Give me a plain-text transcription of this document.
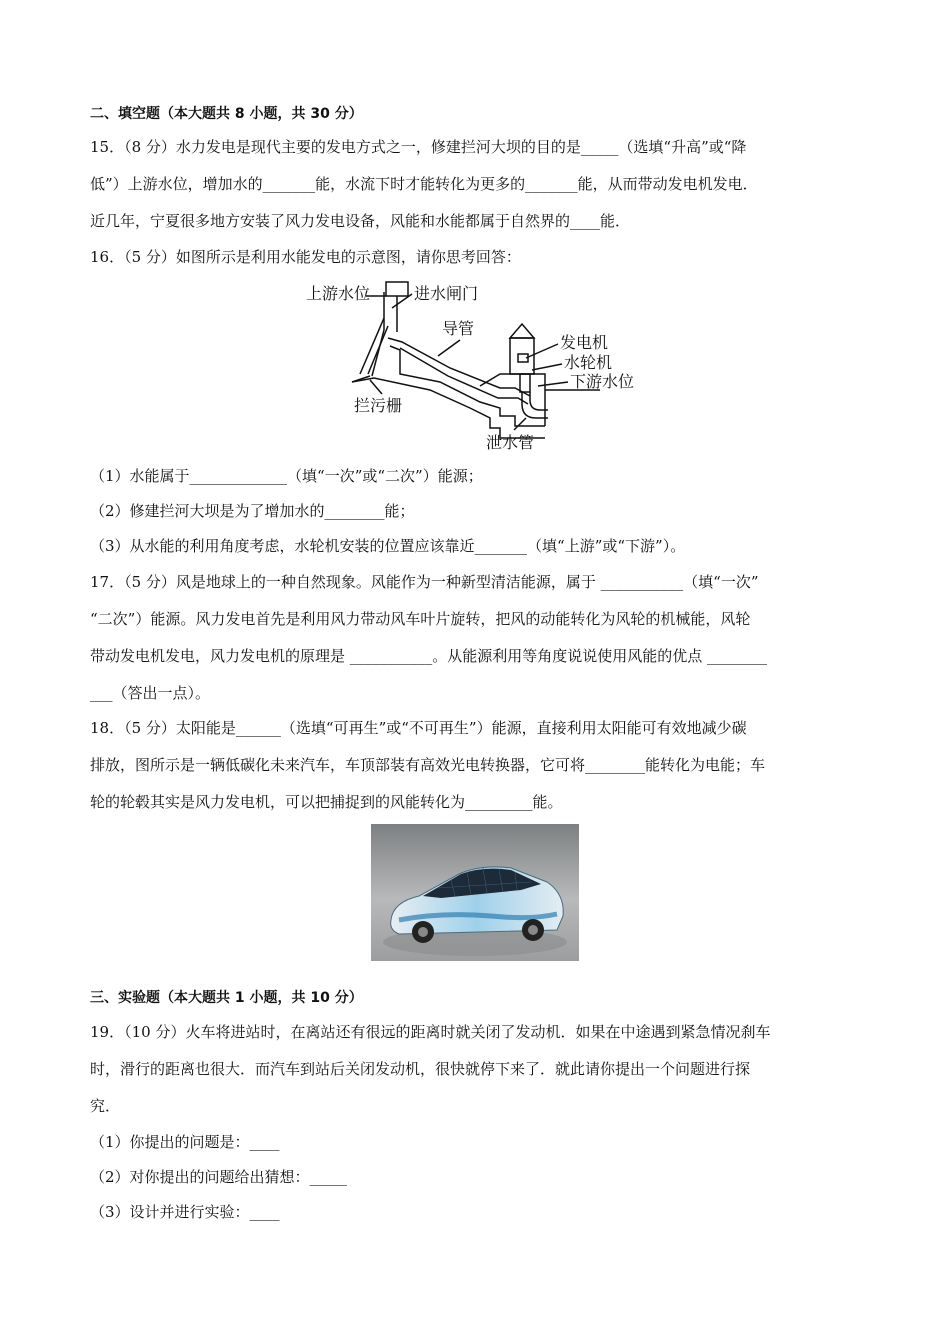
二、填空题（本大题共 8 小题，共 30 分）
15．（8 分）水力发电是现代主要的发电方式之一，修建拦河大坝的目的是_____（选填“升高”或“降
低”）上游水位，增加水的_______能，水流下时才能转化为更多的_______能，从而带动发电机发电．
近几年，宁夏很多地方安装了风力发电设备，风能和水能都属于自然界的____能．
16．（5 分）如图所示是利用水能发电的示意图，请你思考回答：
上游水位	进水闸门
导管
发电机
水轮机
下游水位
拦污栅
泄水管
（1）水能属于_____________（填“一次”或“二次”）能源；
（2）修建拦河大坝是为了增加水的________能；
（3）从水能的利用角度考虑，水轮机安装的位置应该靠近_______（填“上游”或“下游”）。
17．（5 分）风是地球上的一种自然现象。风能作为一种新型清洁能源，属于 ___________（填“一次”
“二次”）能源。风力发电首先是利用风力带动风车叶片旋转，把风的动能转化为风轮的机械能，风轮
带动发电机发电，风力发电机的原理是 ___________。从能源利用等角度说说使用风能的优点 ________
___（答出一点）。
18．（5 分）太阳能是______（选填“可再生”或“不可再生”）能源，直接利用太阳能可有效地减少碳
排放，图所示是一辆低碳化未来汽车，车顶部装有高效光电转换器，它可将________能转化为电能；车
轮的轮毂其实是风力发电机，可以把捕捉到的风能转化为_________能。
三、实验题（本大题共 1 小题，共 10 分）
19．（10 分）火车将进站时，在离站还有很远的距离时就关闭了发动机．如果在中途遇到紧急情况刹车
时，滑行的距离也很大．而汽车到站后关闭发动机，很快就停下来了．就此请你提出一个问题进行探
究．
（1）你提出的问题是：____
（2）对你提出的问题给出猜想：_____
（3）设计并进行实验：____
